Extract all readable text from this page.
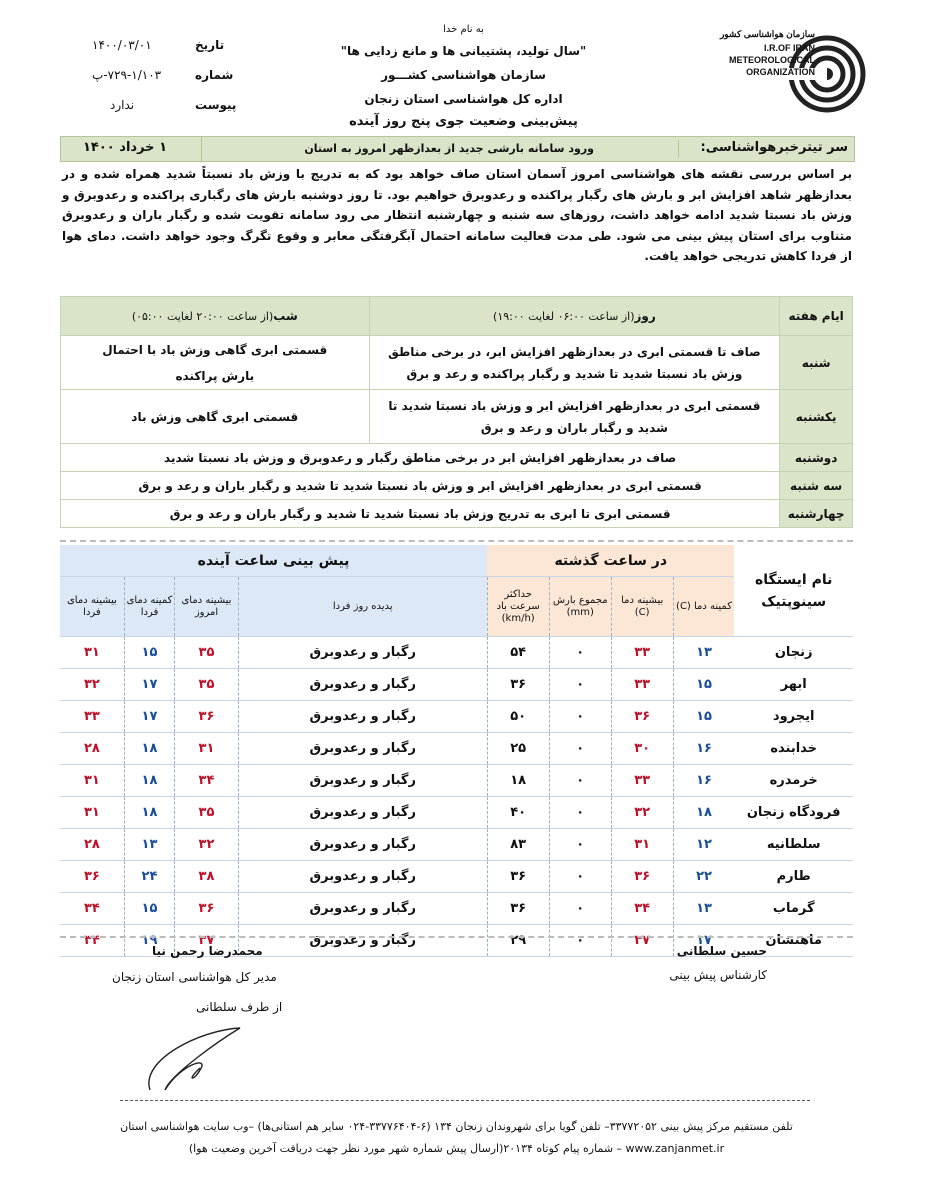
سازمان هواشناسی کشور
I.R.OF IRAN
METEOROLOGICAL
ORGANIZATION
به نام خدا
"سال تولید، پشتیبانی ها و مانع زدایی ها"
سازمان هواشناسی کشـــور
اداره کل هواشناسی استان زنجان
پیش‌بینی وضعیت جوی پنج روز آینده
تاریخ
۱۴۰۰/۰۳/۰۱
شماره
۷۲۹-۱/۱۰۳-پ
پیوست
ندارد
سر تیترخبرهواشناسی:
ورود سامانه بارشی جدید از بعدازظهر امروز به استان
۱ خرداد ۱۴۰۰
بر اساس بررسی نقشه های هواشناسی امروز آسمان استان صاف خواهد بود که به تدریج با وزش باد نسبتاً شدید همراه شده و در بعدازظهر شاهد افزایش ابر و بارش های رگبار پراکنده و رعدوبرق خواهیم بود. تا روز دوشنبه بارش های رگباری پراکنده و رعدوبرق و وزش باد نسبتا شدید ادامه خواهد داشت، روزهای سه شنبه و چهارشنبه انتظار می رود سامانه تقویت شده و رگبار باران و رعدوبرق متناوب برای استان پیش بینی می شود. طی مدت فعالیت سامانه احتمال آبگرفتگی معابر و وقوع تگرگ وجود خواهد داشت. دمای هوا از فردا کاهش تدریجی خواهد یافت.
ایام هفته	روز(از ساعت ۰۶:۰۰ لغایت ۱۹:۰۰)	شب(از ساعت ۲۰:۰۰ لغایت ۰۵:۰۰)
شنبه	صاف تا قسمتی ابری در بعدازظهر افزایش ابر، در برخی مناطق وزش باد نسبتا شدید تا شدید و رگبار پراکنده و رعد و برق	قسمتی ابری گاهی وزش باد با احتمال بارش پراکنده
یکشنبه	قسمتی ابری در بعدازظهر افزایش ابر و وزش باد نسبتا شدید تا شدید و رگبار باران و رعد و برق	قسمتی ابری گاهی وزش باد
دوشنبه	صاف در بعدازظهر افزایش ابر در برخی مناطق رگبار و رعدوبرق و وزش باد نسبتا شدید	
سه شنبه	قسمتی ابری در بعدازظهر افزایش ابر و وزش باد نسبتا شدید تا شدید و رگبار باران و رعد و برق	
چهارشنبه	قسمتی ابری تا ابری به تدریج وزش باد نسبتا شدید تا شدید و رگبار باران و رعد و برق	
نام ایستگاه سینوپتیک	در ساعت گذشته				پیش بینی ساعت آینده			
	کمینه دما (C)	بیشینه دما (C)	مجموع بارش (mm)	حداکثر سرعت باد (km/h)	پدیده روز فردا	بیشینه دمای امروز	کمینه دمای فردا	بیشینه دمای فردا
زنجان	۱۳	۳۳	۰	۵۴	رگبار و رعدوبرق	۳۵	۱۵	۳۱
ابهر	۱۵	۳۳	۰	۳۶	رگبار و رعدوبرق	۳۵	۱۷	۳۲
ایجرود	۱۵	۳۶	۰	۵۰	رگبار و رعدوبرق	۳۶	۱۷	۳۳
خدابنده	۱۶	۳۰	۰	۲۵	رگبار و رعدوبرق	۳۱	۱۸	۲۸
خرمدره	۱۶	۳۳	۰	۱۸	رگبار و رعدوبرق	۳۴	۱۸	۳۱
فرودگاه زنجان	۱۸	۳۲	۰	۴۰	رگبار و رعدوبرق	۳۵	۱۸	۳۱
سلطانیه	۱۲	۳۱	۰	۸۳	رگبار و رعدوبرق	۳۲	۱۳	۲۸
طارم	۲۲	۳۶	۰	۳۶	رگبار و رعدوبرق	۳۸	۲۴	۳۶
گرماب	۱۳	۳۴	۰	۳۶	رگبار و رعدوبرق	۳۶	۱۵	۳۴
ماهنشان	۱۷	۳۷	۰	۲۹	رگبار و رعدوبرق	۳۷	۱۹	۳۴
حسین سلطانی
کارشناس پیش بینی
محمدرضا رحمن نیا
مدیر کل هواشناسی استان زنجان
از طرف سلطانی
تلفن مستقیم مرکز پیش بینی ۳۳۷۷۲۰۵۲– تلفن گویا برای شهروندان زنجان ۱۳۴ (۶-۳۳۷۷۶۴۰۴-۰۲۴ سایر هم استانی‌ها) –وب سایت هواشناسی استان
www.zanjanmet.ir – شماره پیام کوتاه ۲۰۱۳۴(ارسال پیش شماره شهر مورد نظر جهت دریافت آخرین وضعیت هوا)
